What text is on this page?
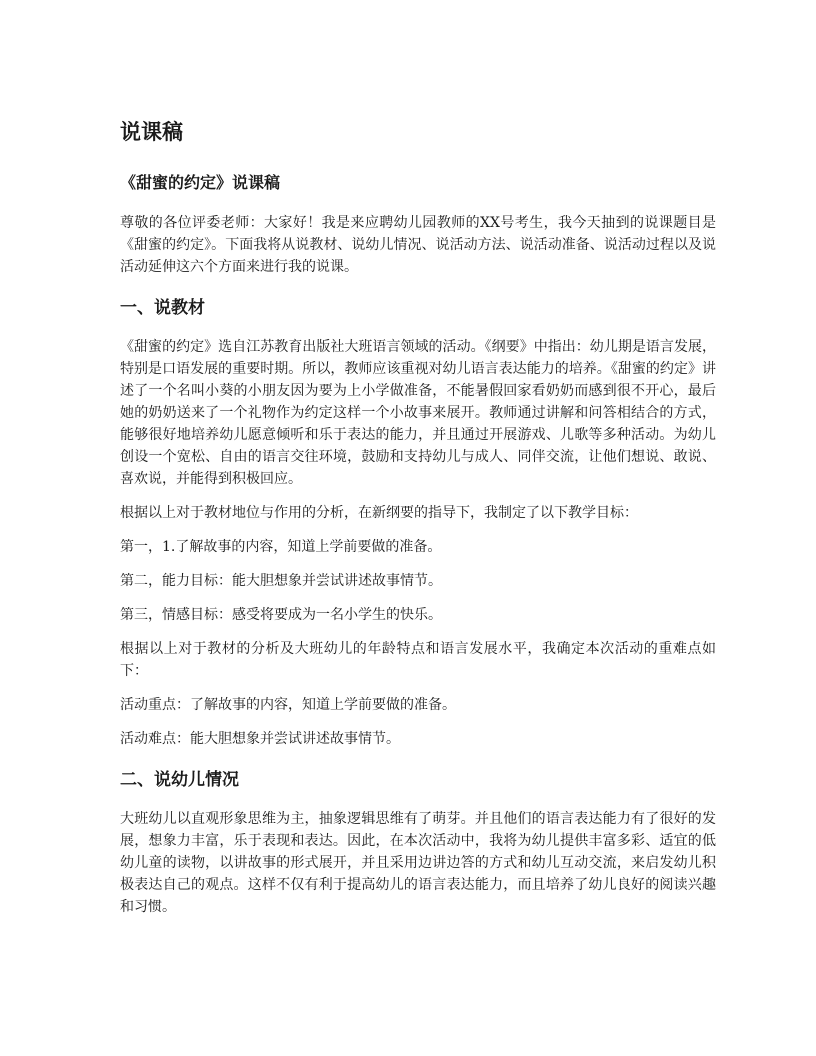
说课稿
《甜蜜的约定》说课稿

尊敬的各位评委老师：大家好！我是来应聘幼儿园教师的XX号考生，我今天抽到的说课题目是《甜蜜的约定》。下面我将从说教材、说幼儿情况、说活动方法、说活动准备、说活动过程以及说活动延伸这六个方面来进行我的说课。

一、说教材

《甜蜜的约定》选自江苏教育出版社大班语言领域的活动。《纲要》中指出：幼儿期是语言发展，特别是口语发展的重要时期。所以，教师应该重视对幼儿语言表达能力的培养。《甜蜜的约定》讲述了一个名叫小葵的小朋友因为要为上小学做准备，不能暑假回家看奶奶而感到很不开心，最后她的奶奶送来了一个礼物作为约定这样一个小故事来展开。教师通过讲解和问答相结合的方式，能够很好地培养幼儿愿意倾听和乐于表达的能力，并且通过开展游戏、儿歌等多种活动。为幼儿创设一个宽松、自由的语言交往环境，鼓励和支持幼儿与成人、同伴交流，让他们想说、敢说、喜欢说，并能得到积极回应。

根据以上对于教材地位与作用的分析，在新纲要的指导下，我制定了以下教学目标：

第一，1.了解故事的内容，知道上学前要做的准备。

第二，能力目标：能大胆想象并尝试讲述故事情节。

第三，情感目标：感受将要成为一名小学生的快乐。

根据以上对于教材的分析及大班幼儿的年龄特点和语言发展水平，我确定本次活动的重难点如下：

活动重点：了解故事的内容，知道上学前要做的准备。

活动难点：能大胆想象并尝试讲述故事情节。

二、说幼儿情况

大班幼儿以直观形象思维为主，抽象逻辑思维有了萌芽。并且他们的语言表达能力有了很好的发展，想象力丰富，乐于表现和表达。因此，在本次活动中，我将为幼儿提供丰富多彩、适宜的低幼儿童的读物，以讲故事的形式展开，并且采用边讲边答的方式和幼儿互动交流，来启发幼儿积极表达自己的观点。这样不仅有利于提高幼儿的语言表达能力，而且培养了幼儿良好的阅读兴趣和习惯。
